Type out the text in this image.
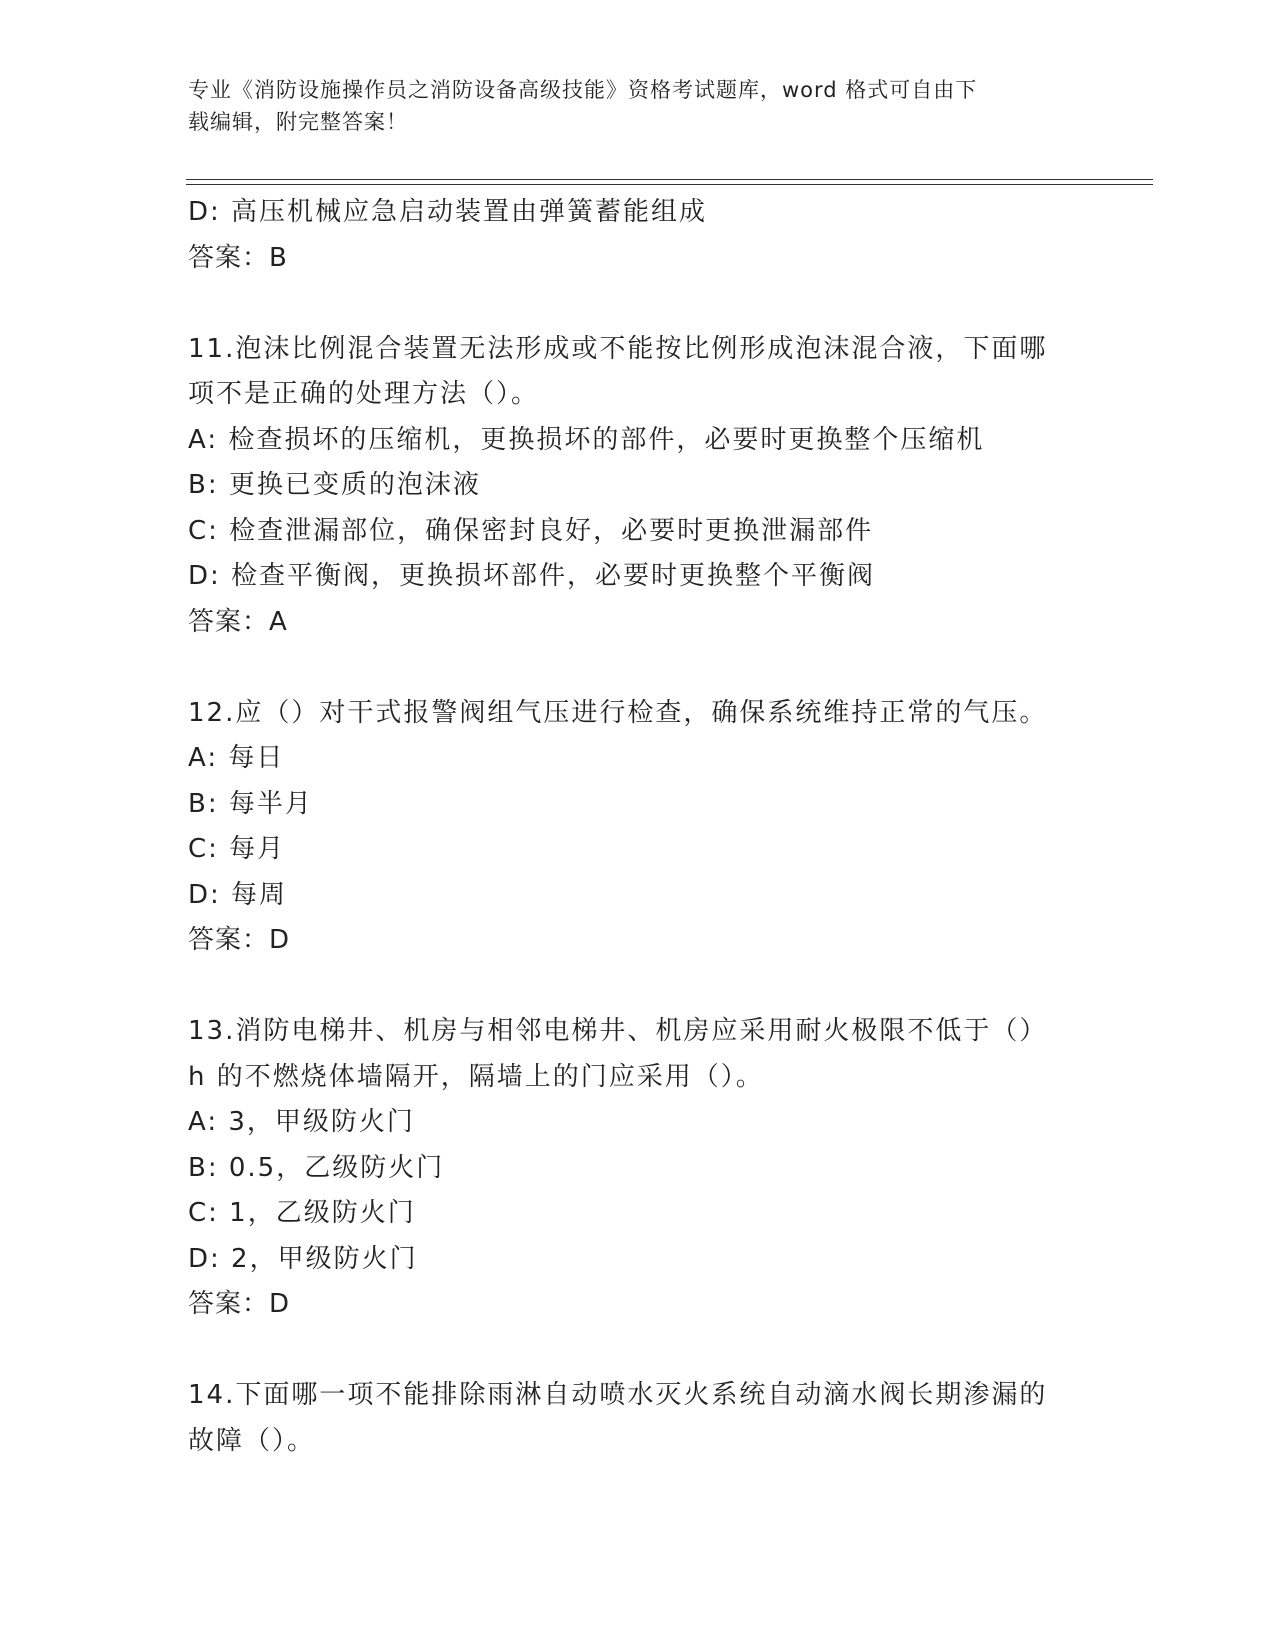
专业《消防设施操作员之消防设备高级技能》资格考试题库，word 格式可自由下
载编辑，附完整答案！
D: 高压机械应急启动装置由弹簧蓄能组成
答案：B
11.泡沫比例混合装置无法形成或不能按比例形成泡沫混合液，下面哪
项不是正确的处理方法（）。
A: 检查损坏的压缩机，更换损坏的部件，必要时更换整个压缩机
B: 更换已变质的泡沫液
C: 检查泄漏部位，确保密封良好，必要时更换泄漏部件
D: 检查平衡阀，更换损坏部件，必要时更换整个平衡阀
答案：A
12.应（）对干式报警阀组气压进行检查，确保系统维持正常的气压。
A: 每日
B: 每半月
C: 每月
D: 每周
答案：D
13.消防电梯井、机房与相邻电梯井、机房应采用耐火极限不低于（）
h 的不燃烧体墙隔开，隔墙上的门应采用（）。
A: 3，甲级防火门
B: 0.5，乙级防火门
C: 1，乙级防火门
D: 2，甲级防火门
答案：D
14.下面哪一项不能排除雨淋自动喷水灭火系统自动滴水阀长期渗漏的
故障（）。
